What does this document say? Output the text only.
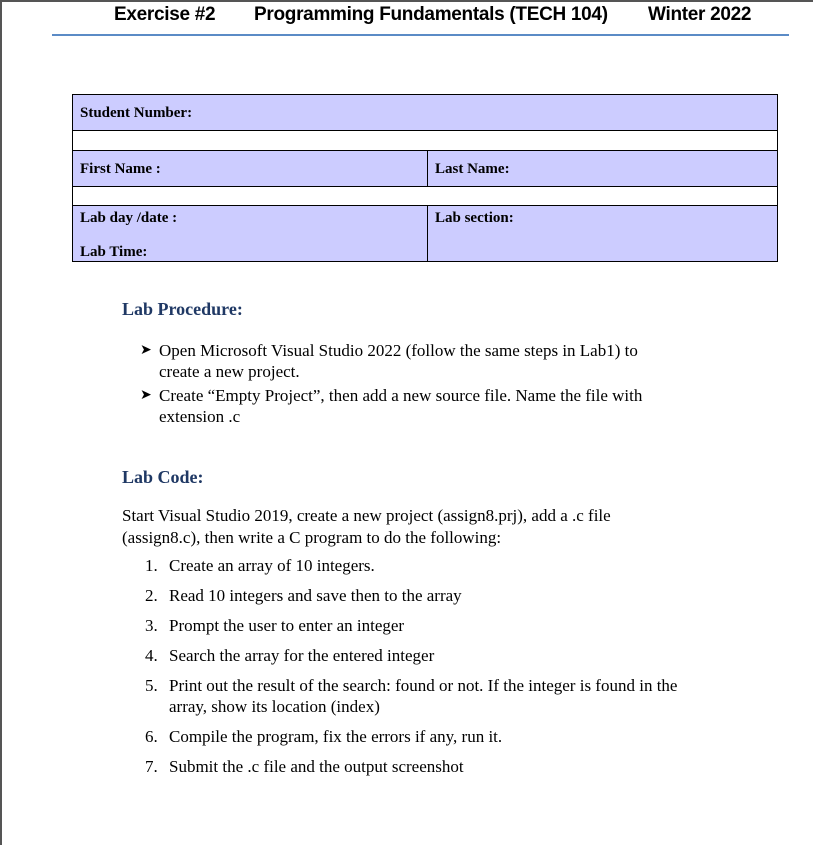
Exercise #2 Programming Fundamentals (TECH 104) Winter 2022
Student Number:
First Name :	Last Name:
Lab day /date :
Lab Time:
Lab section:
Lab Procedure:
➤ Open Microsoft Visual Studio 2022 (follow the same steps in Lab1) to
create a new project.
➤ Create “Empty Project”, then add a new source file. Name the file with
extension .c
Lab Code:
Start Visual Studio 2019, create a new project (assign8.prj), add a .c file
(assign8.c), then write a C program to do the following:
1. Create an array of 10 integers.
2. Read 10 integers and save then to the array
3. Prompt the user to enter an integer
4. Search the array for the entered integer
5. Print out the result of the search: found or not. If the integer is found in the
array, show its location (index)
6. Compile the program, fix the errors if any, run it.
7. Submit the .c file and the output screenshot
